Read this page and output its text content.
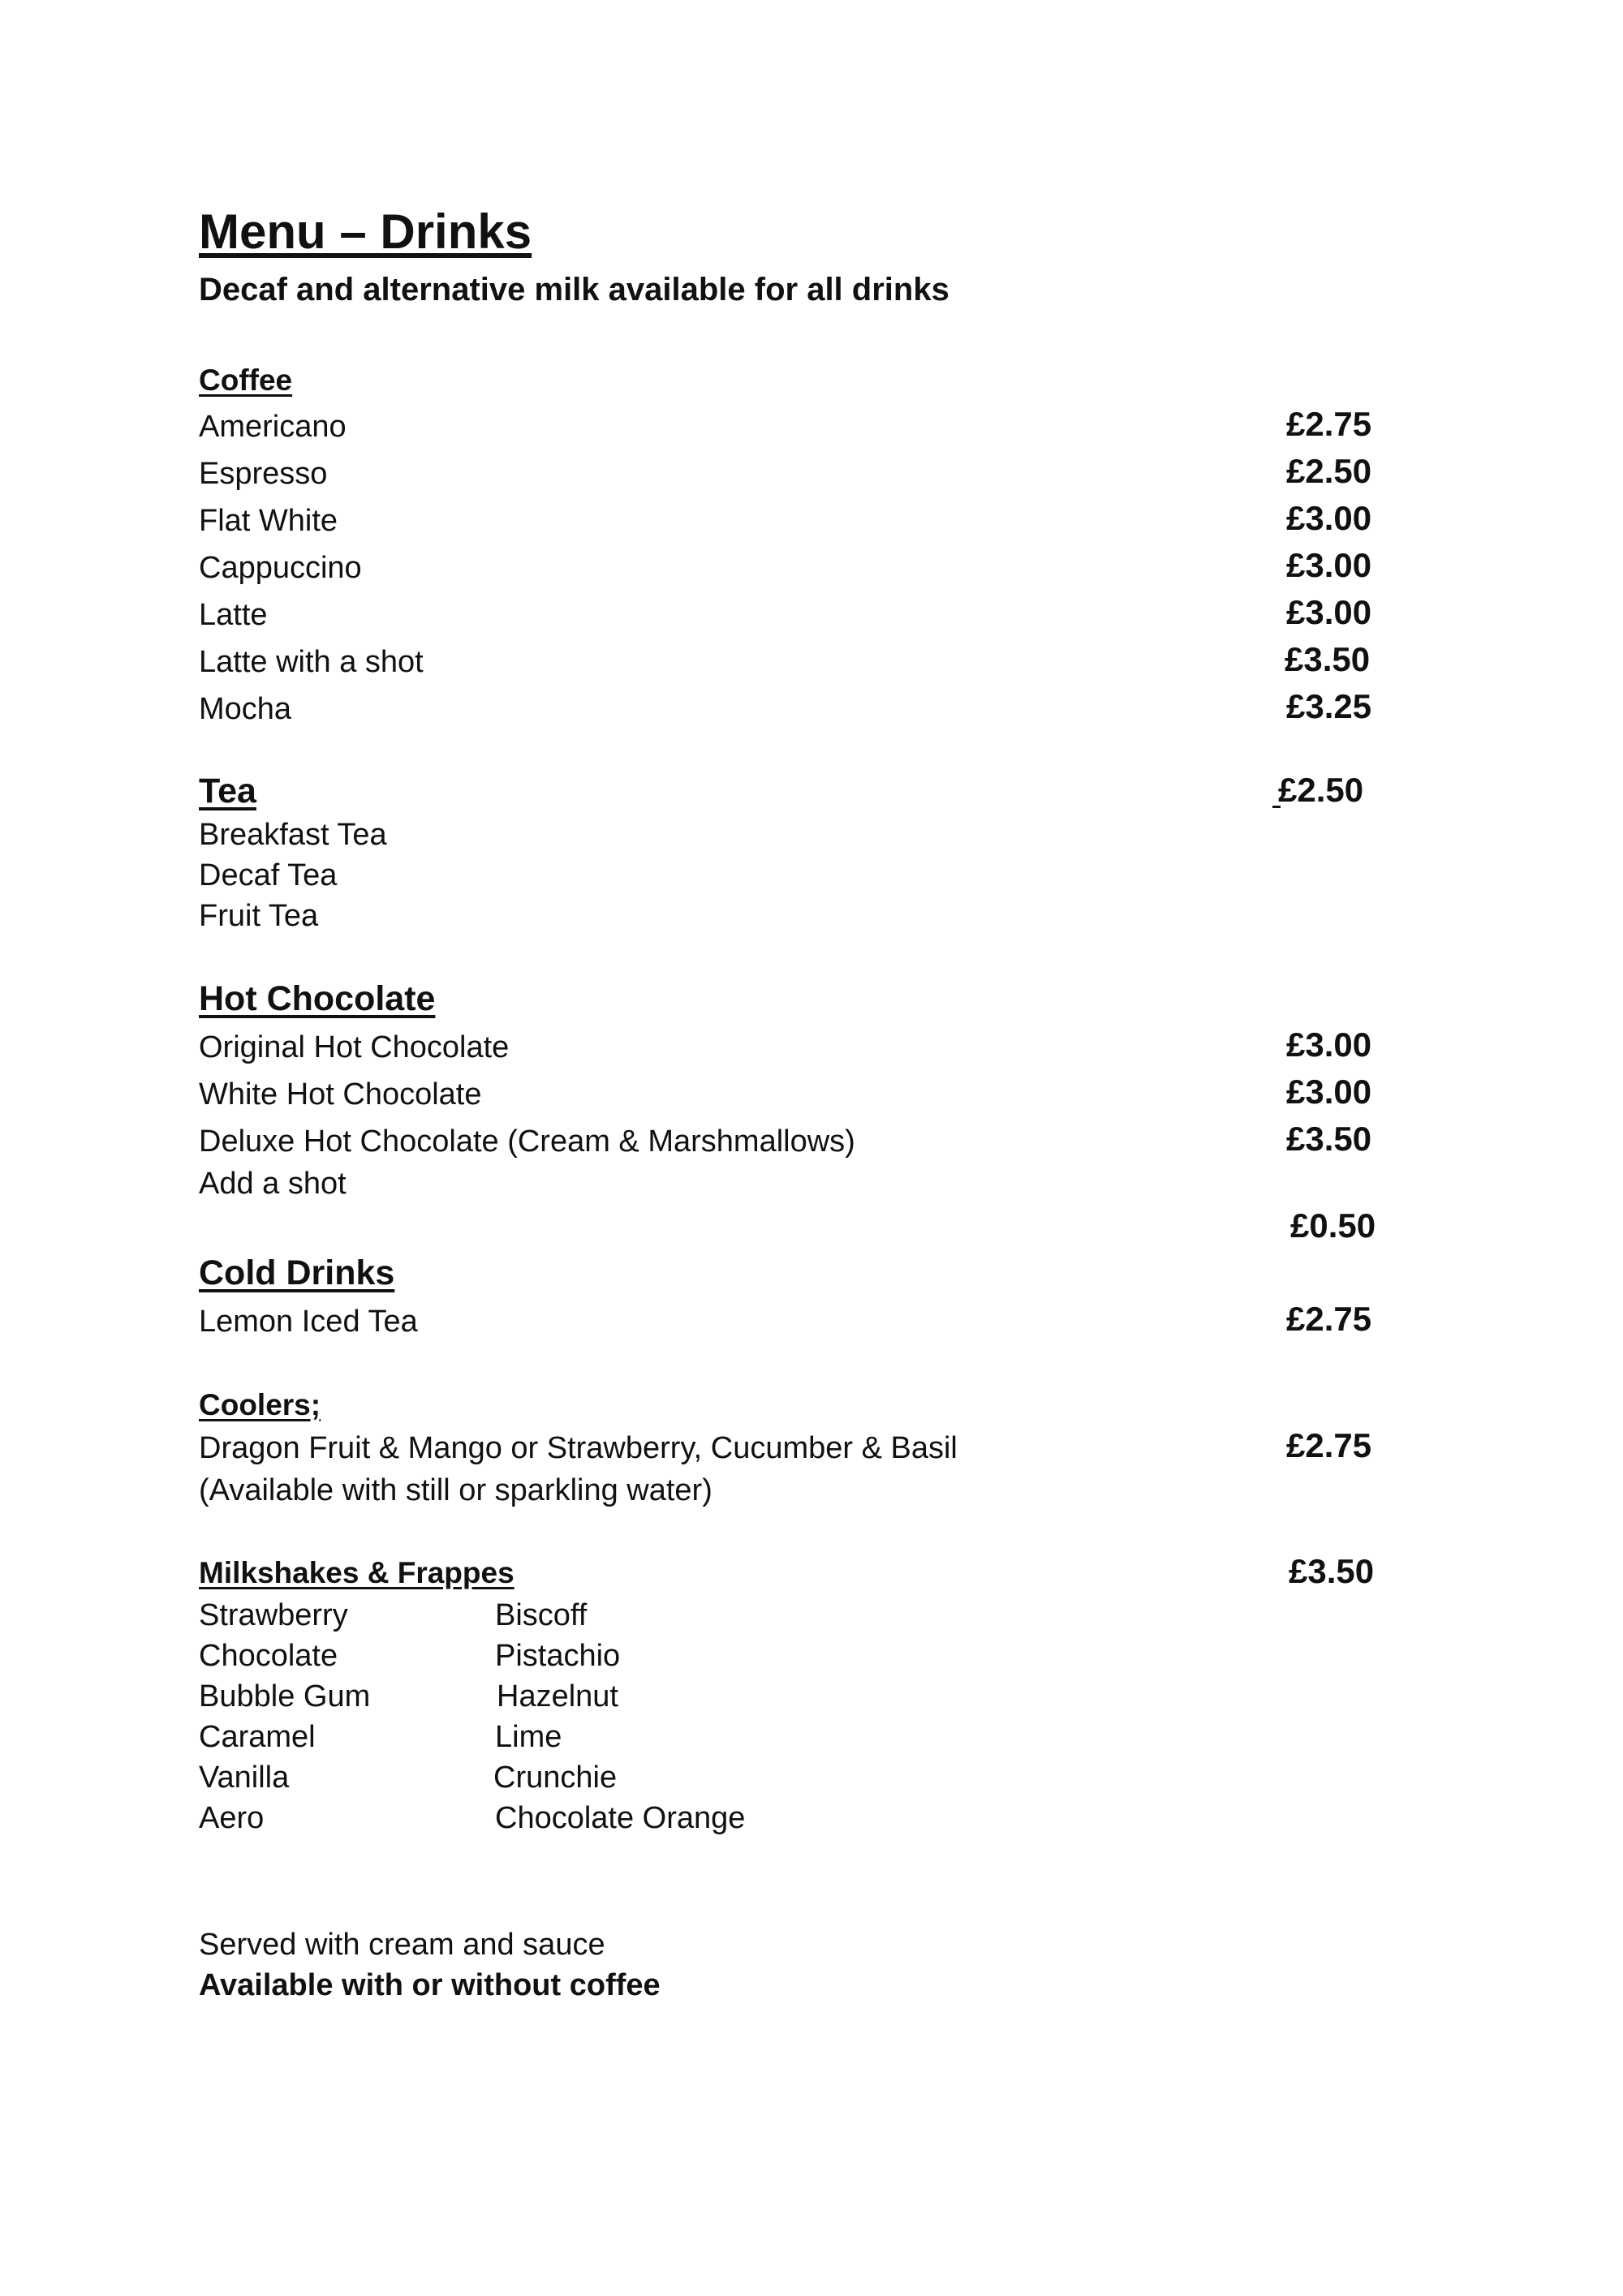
Menu – Drinks
Decaf and alternative milk available for all drinks
Coffee
Americano	£2.75
Espresso	£2.50
Flat White	£3.00
Cappuccino	£3.00
Latte	£3.00
Latte with a shot	£3.50
Mocha	£3.25
Tea	£2.50
Breakfast Tea
Decaf Tea
Fruit Tea
Hot Chocolate
Original Hot Chocolate	£3.00
White Hot Chocolate	£3.00
Deluxe Hot Chocolate (Cream & Marshmallows)	£3.50
Add a shot
£0.50
Cold Drinks
Lemon Iced Tea	£2.75
Coolers;
Dragon Fruit & Mango or Strawberry, Cucumber & Basil	£2.75
(Available with still or sparkling water)
Milkshakes & Frappes	£3.50
Strawberry	Biscoff
Chocolate	Pistachio
Bubble Gum	Hazelnut
Caramel	Lime
Vanilla	Crunchie
Aero	Chocolate Orange
Served with cream and sauce
Available with or without coffee
